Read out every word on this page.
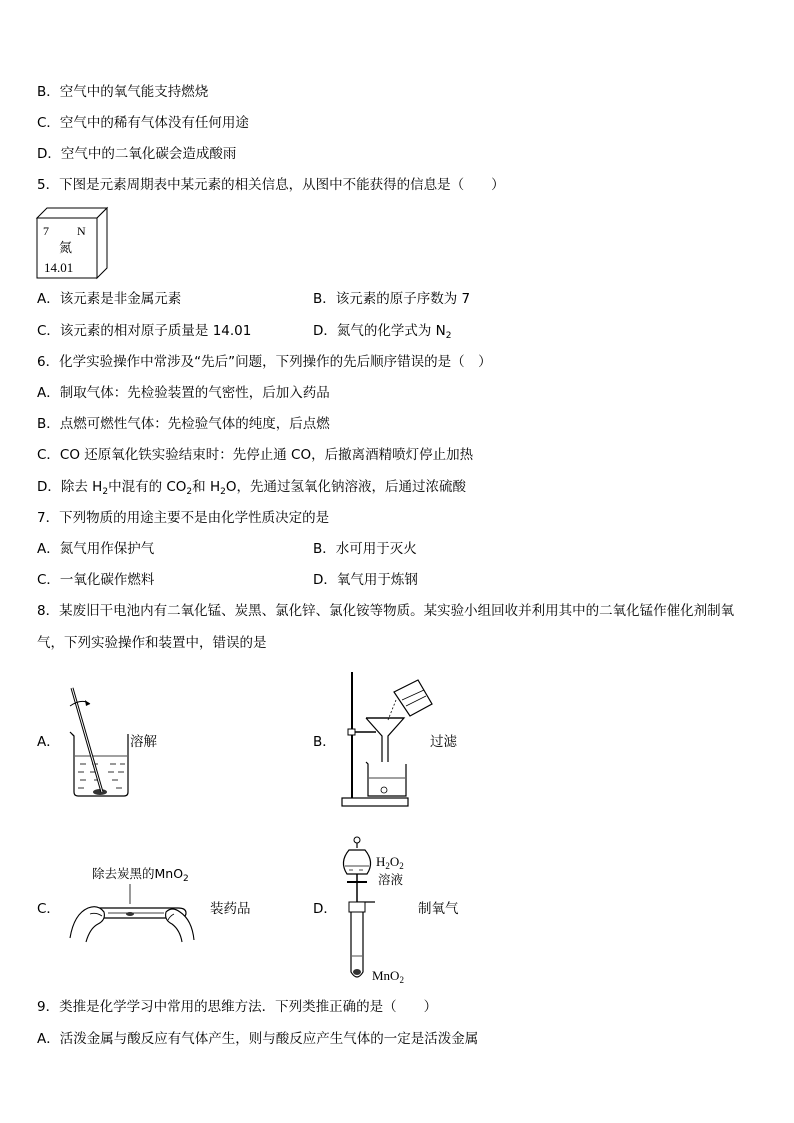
B．空气中的氧气能支持燃烧
C．空气中的稀有气体没有任何用途
D．空气中的二氧化碳会造成酸雨
5．下图是元素周期表中某元素的相关信息，从图中不能获得的信息是（　　）
7 N
氮
14.01
A．该元素是非金属元素	B．该元素的原子序数为 7
C．该元素的相对原子质量是 14.01	D．氮气的化学式为 $N_2$
6．化学实验操作中常涉及“先后”问题，下列操作的先后顺序错误的是（　）
A．制取气体：先检验装置的气密性，后加入药品
B．点燃可燃性气体：先检验气体的纯度，后点燃
C．CO 还原氧化铁实验结束时：先停止通 CO，后撤离酒精喷灯停止加热
D．除去 $H_2$中混有的 $CO_2$和 $H_2O$，先通过氢氧化钠溶液，后通过浓硫酸
7．下列物质的用途主要不是由化学性质决定的是
A．氮气用作保护气	B．水可用于灭火
C．一氧化碳作燃料	D．氧气用于炼钢
8．某废旧干电池内有二氧化锰、炭黑、氯化锌、氯化铵等物质。某实验小组回收并利用其中的二氧化锰作催化剂制氧
气，下列实验操作和装置中，错误的是
A．	溶解	B．	过滤
C．
除去炭黑的MnO$_2$
装药品	D．
$H_2O_2$
溶液
MnO$_2$
制氧气
9．类推是化学学习中常用的思维方法．下列类推正确的是（　　）
A．活泼金属与酸反应有气体产生，则与酸反应产生气体的一定是活泼金属
